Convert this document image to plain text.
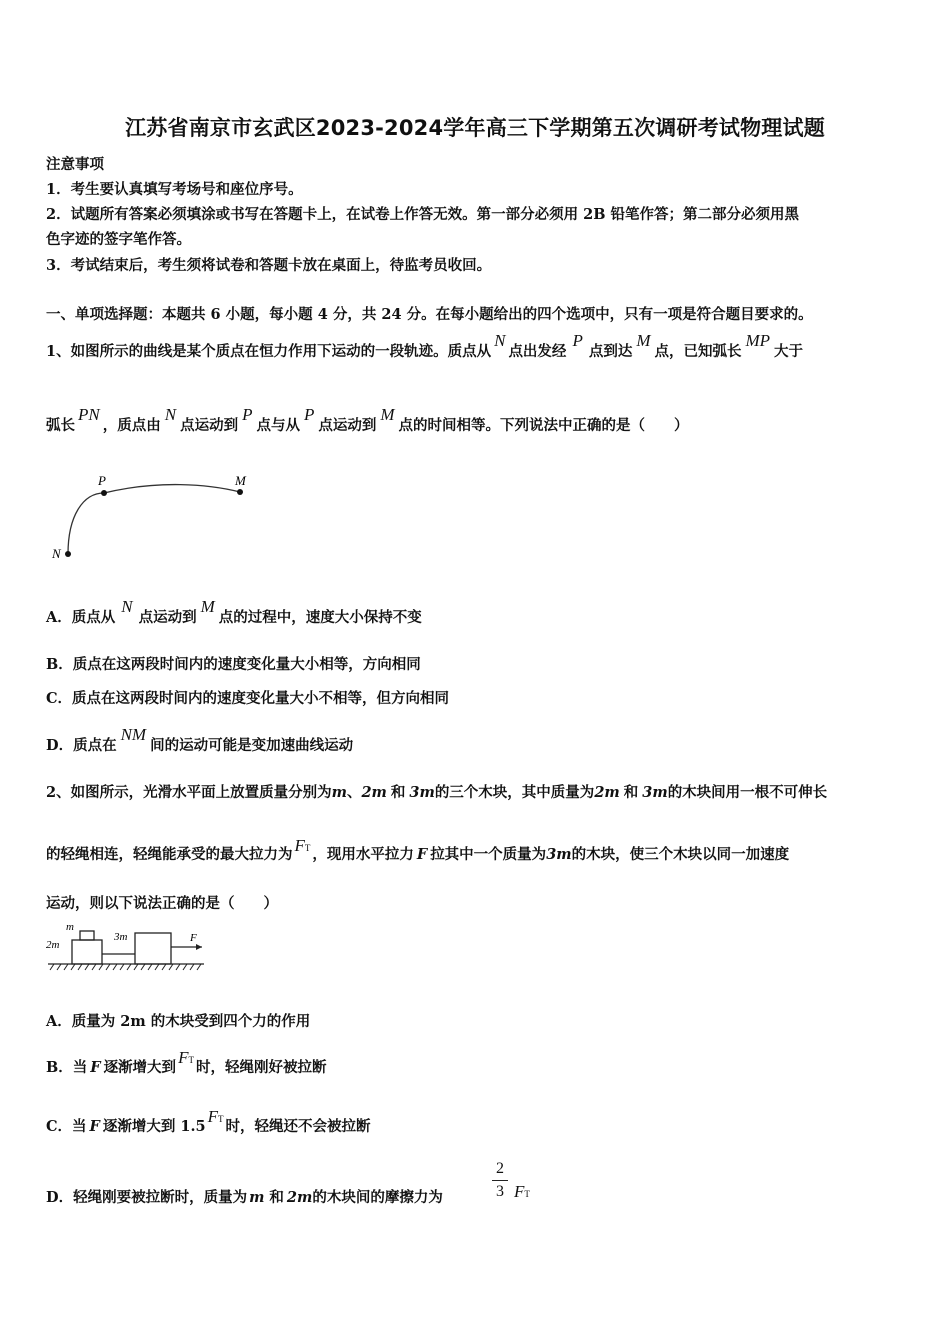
江苏省南京市玄武区2023-2024学年高三下学期第五次调研考试物理试题
注意事项
1．考生要认真填写考场号和座位序号。
2．试题所有答案必须填涂或书写在答题卡上，在试卷上作答无效。第一部分必须用 2B 铅笔作答；第二部分必须用黑
色字迹的签字笔作答。
3．考试结束后，考生须将试卷和答题卡放在桌面上，待监考员收回。
一、单项选择题：本题共 6 小题，每小题 4 分，共 24 分。在每小题给出的四个选项中，只有一项是符合题目要求的。
1、如图所示的曲线是某个质点在恒力作用下运动的一段轨迹。质点从N点出发经P点到达M点，已知弧长MP大于
弧长PN，质点由N点运动到P点与从P点运动到M点的时间相等。下列说法中正确的是（　　）
P	M
N
A．质点从N点运动到M点的过程中，速度大小保持不变
B．质点在这两段时间内的速度变化量大小相等，方向相同
C．质点在这两段时间内的速度变化量大小不相等，但方向相同
D．质点在NM间的运动可能是变加速曲线运动
2、如图所示，光滑水平面上放置质量分别为m、2m 和 3m的三个木块，其中质量为2m 和 3m的木块间用一根不可伸长
的轻绳相连，轻绳能承受的最大拉力为 FT ，现用水平拉力 F 拉其中一个质量为3m的木块，使三个木块以同一加速度
运动，则以下说法正确的是（　　）
m
2m
3m	F
A．质量为 2m 的木块受到四个力的作用
B．当 F 逐渐增大到FT 时，轻绳刚好被拉断
C．当 F 逐渐增大到 1.5FT 时，轻绳还不会被拉断
D．轻绳刚要被拉断时，质量为 m 和 2m的木块间的摩擦力为
2
3 FT
